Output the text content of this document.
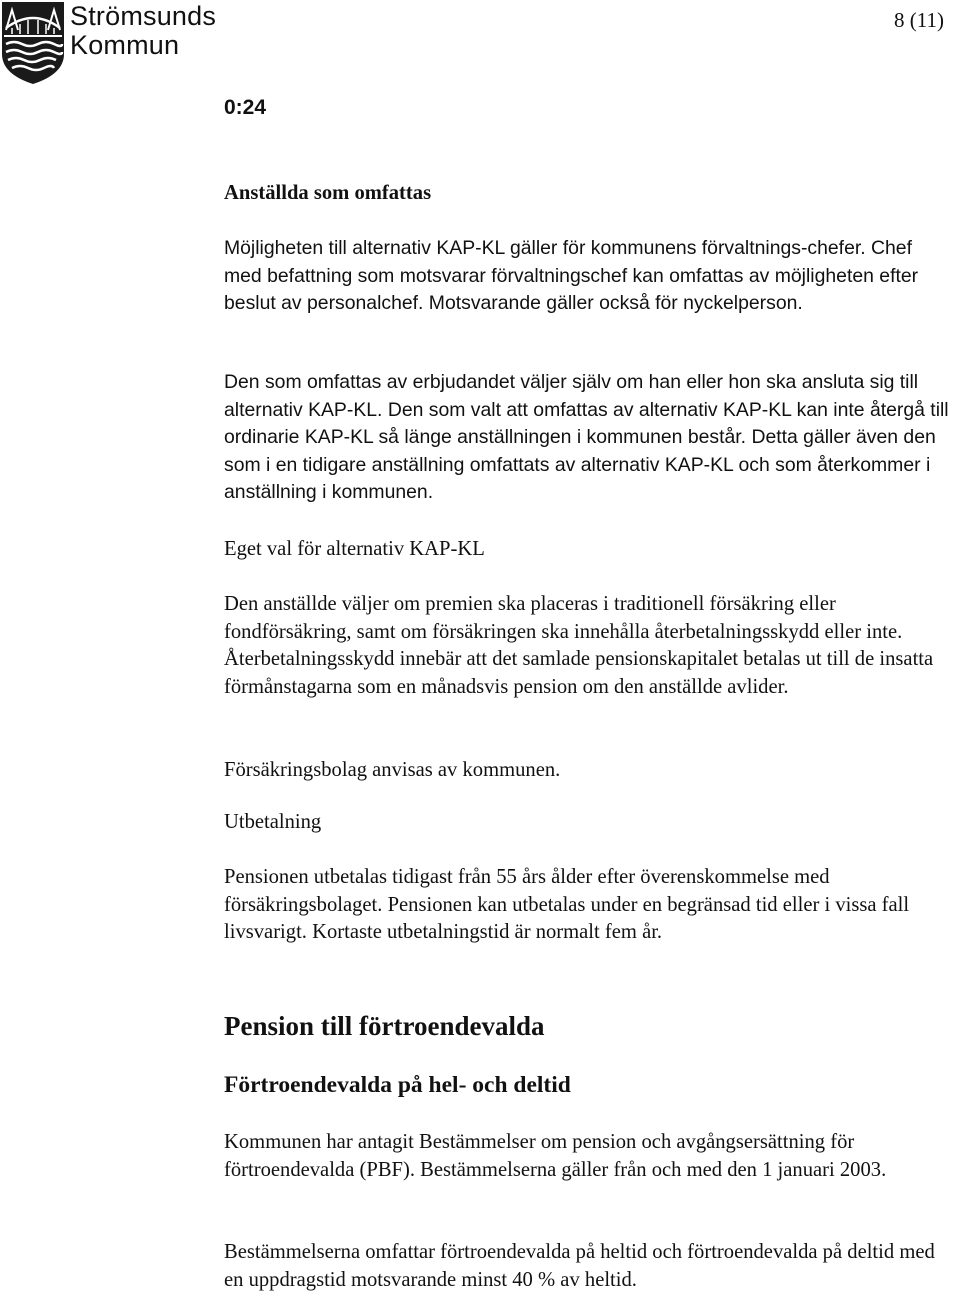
Strömsunds
Kommun
8 (11)

0:24

Anställda som omfattas

Möjligheten till alternativ KAP-KL gäller för kommunens förvaltnings-chefer. Chef med befattning som motsvarar förvaltningschef kan omfattas av möjligheten efter beslut av personalchef. Motsvarande gäller också för nyckelperson.

Den som omfattas av erbjudandet väljer själv om han eller hon ska ansluta sig till alternativ KAP-KL. Den som valt att omfattas av alternativ KAP-KL kan inte återgå till ordinarie KAP-KL så länge anställningen i kommunen består. Detta gäller även den som i en tidigare anställning omfattats av alternativ KAP-KL och som återkommer i anställning i kommunen.

Eget val för alternativ KAP-KL

Den anställde väljer om premien ska placeras i traditionell försäkring eller fondförsäkring, samt om försäkringen ska innehålla återbetalningsskydd eller inte. Återbetalningsskydd innebär att det samlade pensionskapitalet betalas ut till de insatta förmånstagarna som en månadsvis pension om den anställde avlider.

Försäkringsbolag anvisas av kommunen.

Utbetalning

Pensionen utbetalas tidigast från 55 års ålder efter överenskommelse med försäkringsbolaget. Pensionen kan utbetalas under en begränsad tid eller i vissa fall livsvarigt. Kortaste utbetalningstid är normalt fem år.

Pension till förtroendevalda

Förtroendevalda på hel- och deltid

Kommunen har antagit Bestämmelser om pension och avgångsersättning för förtroendevalda (PBF). Bestämmelserna gäller från och med den 1 januari 2003.

Bestämmelserna omfattar förtroendevalda på heltid och förtroendevalda på deltid med en uppdragstid motsvarande minst 40 % av heltid.
